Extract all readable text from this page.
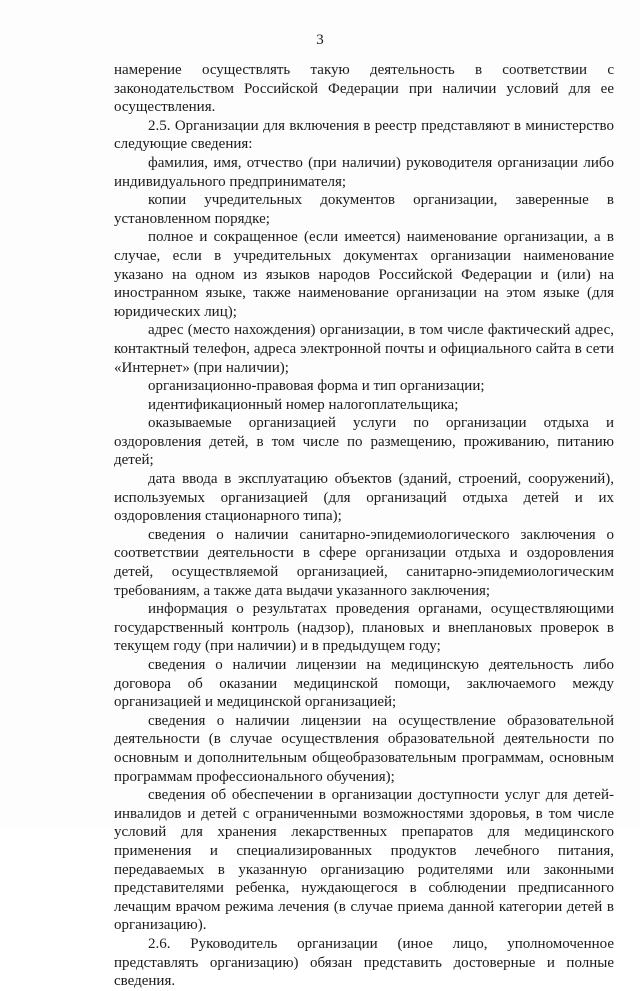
3

намерение осуществлять такую деятельность в соответствии с законодательством Российской Федерации при наличии условий для ее осуществления.

2.5. Организации для включения в реестр представляют в министерство следующие сведения:

фамилия, имя, отчество (при наличии) руководителя организации либо индивидуального предпринимателя;

копии учредительных документов организации, заверенные в установленном порядке;

полное и сокращенное (если имеется) наименование организации, а в случае, если в учредительных документах организации наименование указано на одном из языков народов Российской Федерации и (или) на иностранном языке, также наименование организации на этом языке (для юридических лиц);

адрес (место нахождения) организации, в том числе фактический адрес, контактный телефон, адреса электронной почты и официального сайта в сети «Интернет» (при наличии);

организационно-правовая форма и тип организации;

идентификационный номер налогоплательщика;

оказываемые организацией услуги по организации отдыха и оздоровления детей, в том числе по размещению, проживанию, питанию детей;

дата ввода в эксплуатацию объектов (зданий, строений, сооружений), используемых организацией (для организаций отдыха детей и их оздоровления стационарного типа);

сведения о наличии санитарно-эпидемиологического заключения о соответствии деятельности в сфере организации отдыха и оздоровления детей, осуществляемой организацией, санитарно-эпидемиологическим требованиям, а также дата выдачи указанного заключения;

информация о результатах проведения органами, осуществляющими государственный контроль (надзор), плановых и внеплановых проверок в текущем году (при наличии) и в предыдущем году;

сведения о наличии лицензии на медицинскую деятельность либо договора об оказании медицинской помощи, заключаемого между организацией и медицинской организацией;

сведения о наличии лицензии на осуществление образовательной деятельности (в случае осуществления образовательной деятельности по основным и дополнительным общеобразовательным программам, основным программам профессионального обучения);

сведения об обеспечении в организации доступности услуг для детей-инвалидов и детей с ограниченными возможностями здоровья, в том числе условий для хранения лекарственных препаратов для медицинского применения и специализированных продуктов лечебного питания, передаваемых в указанную организацию родителями или законными представителями ребенка, нуждающегося в соблюдении предписанного лечащим врачом режима лечения (в случае приема данной категории детей в организацию).

2.6. Руководитель организации (иное лицо, уполномоченное представлять организацию) обязан представить достоверные и полные сведения.
